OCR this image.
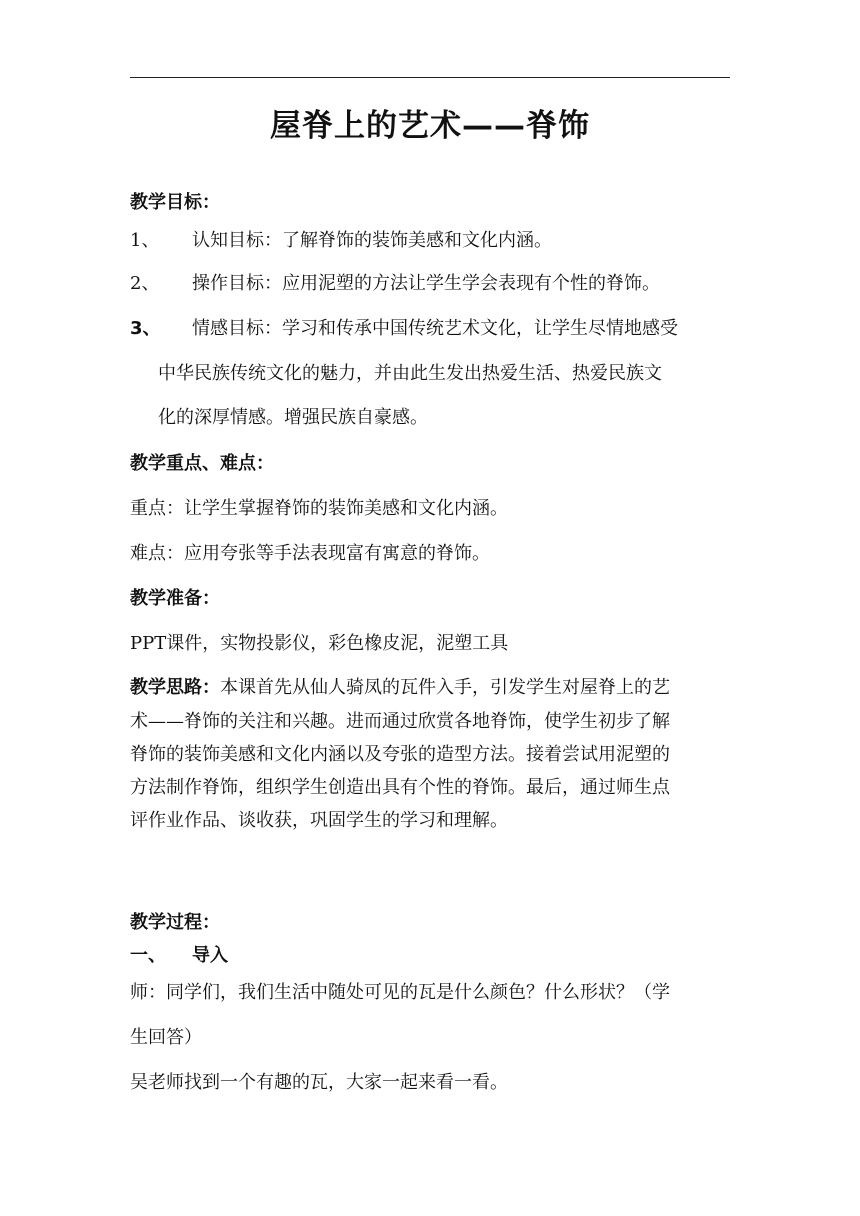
屋脊上的艺术——脊饰
教学目标：
1、 认知目标：了解脊饰的装饰美感和文化内涵。
2、 操作目标：应用泥塑的方法让学生学会表现有个性的脊饰。
3、 情感目标：学习和传承中国传统艺术文化，让学生尽情地感受
中华民族传统文化的魅力，并由此生发出热爱生活、热爱民族文
化的深厚情感。增强民族自豪感。
教学重点、难点：
重点：让学生掌握脊饰的装饰美感和文化内涵。
难点：应用夸张等手法表现富有寓意的脊饰。
教学准备：
PPT课件，实物投影仪，彩色橡皮泥，泥塑工具
教学思路：本课首先从仙人骑凤的瓦件入手，引发学生对屋脊上的艺
术——脊饰的关注和兴趣。进而通过欣赏各地脊饰，使学生初步了解
脊饰的装饰美感和文化内涵以及夸张的造型方法。接着尝试用泥塑的
方法制作脊饰，组织学生创造出具有个性的脊饰。最后，通过师生点
评作业作品、谈收获，巩固学生的学习和理解。
教学过程：
一、 导入
师：同学们，我们生活中随处可见的瓦是什么颜色？什么形状？（学
生回答）
吴老师找到一个有趣的瓦，大家一起来看一看。
